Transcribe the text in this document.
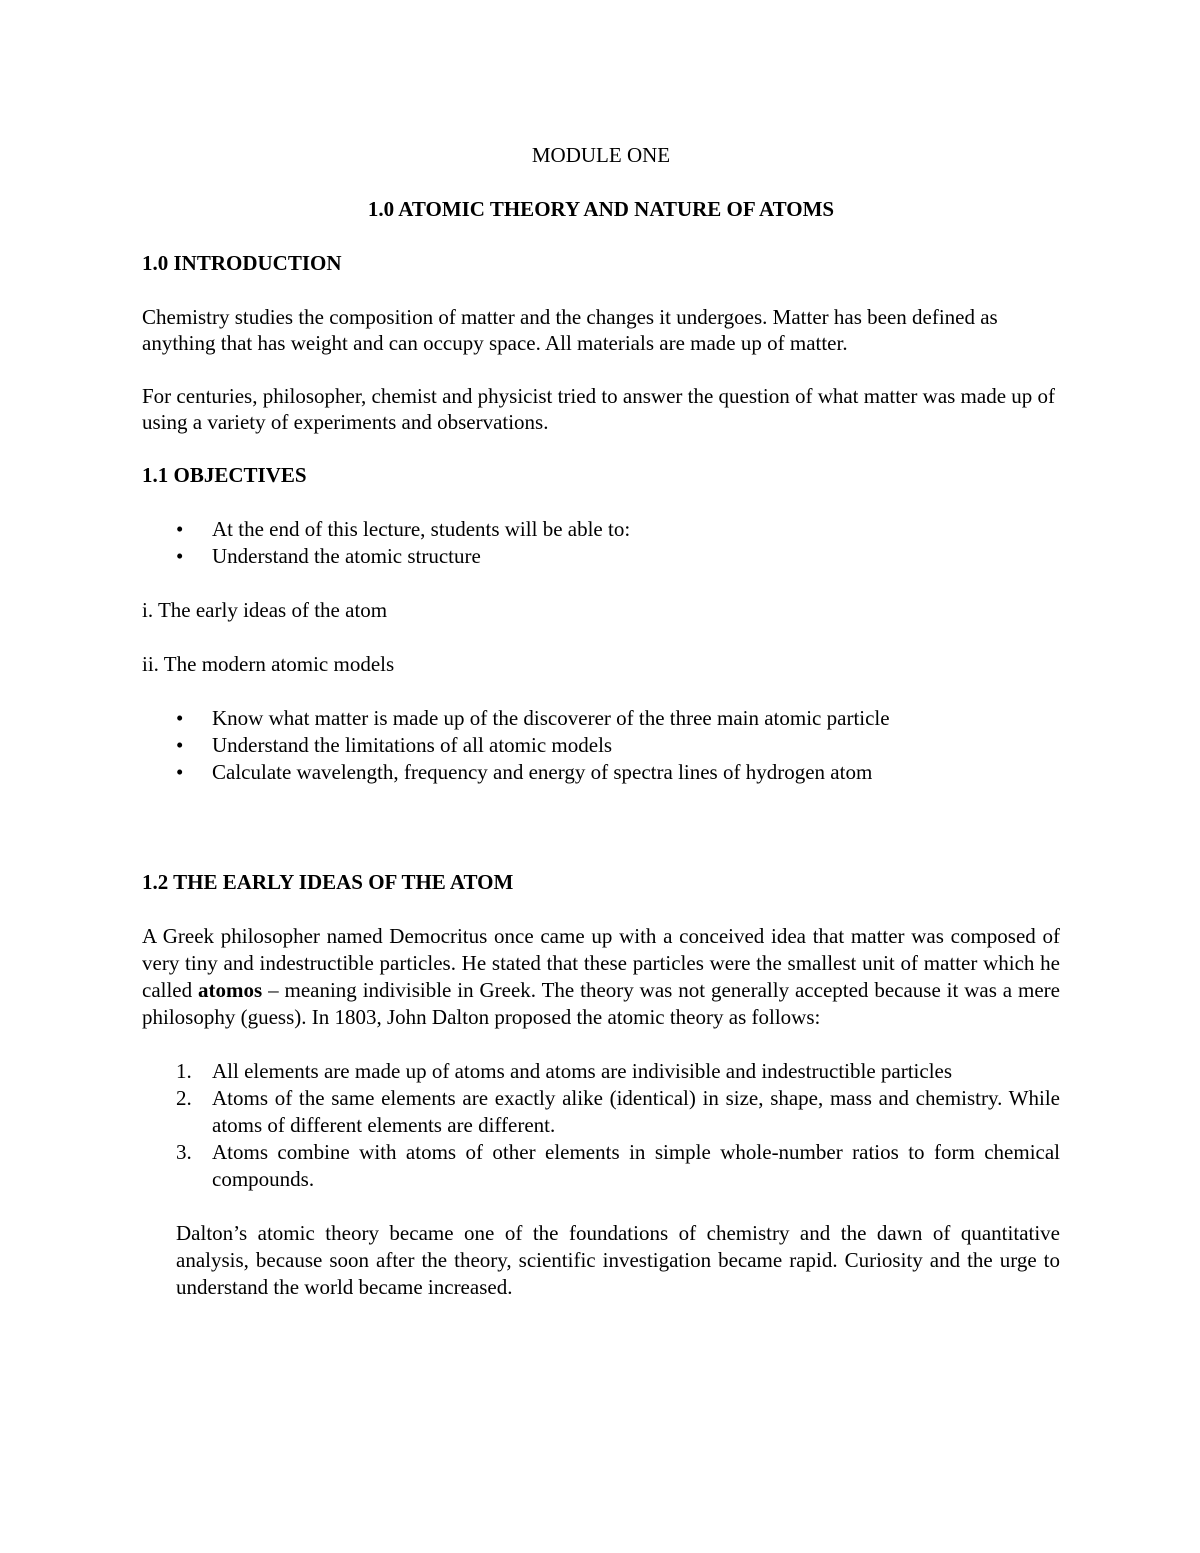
MODULE ONE

1.0 ATOMIC THEORY AND NATURE OF ATOMS

1.0 INTRODUCTION

Chemistry studies the composition of matter and the changes it undergoes. Matter has been defined as anything that has weight and can occupy space. All materials are made up of matter.

For centuries, philosopher, chemist and physicist tried to answer the question of what matter was made up of using a variety of experiments and observations.

1.1 OBJECTIVES
• At the end of this lecture, students will be able to:
• Understand the atomic structure

i. The early ideas of the atom

ii. The modern atomic models

• Know what matter is made up of the discoverer of the three main atomic particle
• Understand the limitations of all atomic models
• Calculate wavelength, frequency and energy of spectra lines of hydrogen atom
1.2 THE EARLY IDEAS OF THE ATOM

A Greek philosopher named Democritus once came up with a conceived idea that matter was composed of very tiny and indestructible particles. He stated that these particles were the smallest unit of matter which he called atomos – meaning indivisible in Greek. The theory was not generally accepted because it was a mere philosophy (guess). In 1803, John Dalton proposed the atomic theory as follows:

1. All elements are made up of atoms and atoms are indivisible and indestructible particles
2. Atoms of the same elements are exactly alike (identical) in size, shape, mass and chemistry. While atoms of different elements are different.
3. Atoms combine with atoms of other elements in simple whole-number ratios to form chemical compounds.

Dalton’s atomic theory became one of the foundations of chemistry and the dawn of quantitative analysis, because soon after the theory, scientific investigation became rapid. Curiosity and the urge to understand the world became increased.
